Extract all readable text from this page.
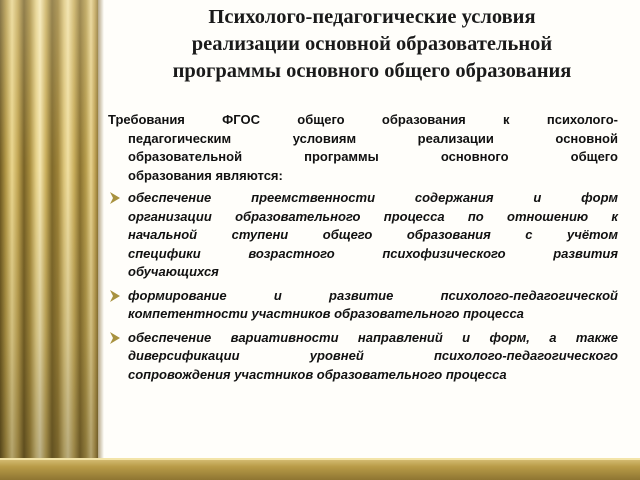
Психолого-педагогические условия
реализации основной образовательной
программы основного общего образования
Требования ФГОС общего образования к психолого-
педагогическим условиям реализации основной
образовательной программы основного общего
образования являются:
обеспечение преемственности содержания и форм
организации образовательного процесса по отношению к
начальной ступени общего образования с учётом
специфики возрастного психофизического развития
обучающихся
формирование и развитие психолого-педагогической
компетентности участников образовательного процесса
обеспечение вариативности направлений и форм, а также
диверсификации уровней психолого-педагогического
сопровождения участников образовательного процесса
